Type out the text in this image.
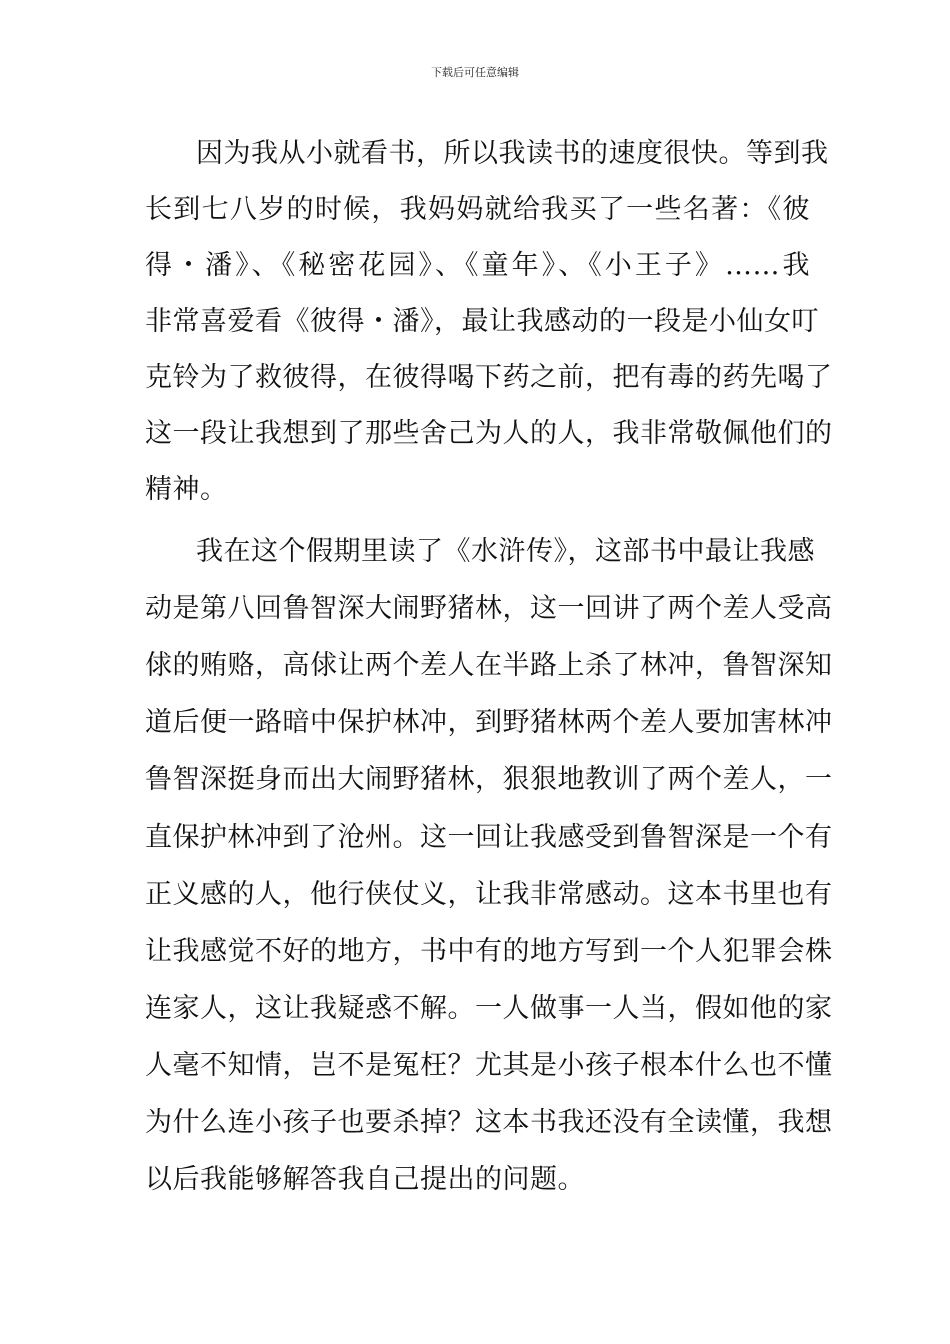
下载后可任意编辑
因为我从小就看书，所以我读书的速度很快。等到我
长到七八岁的时候，我妈妈就给我买了一些名著：《彼
得・潘》、《秘密花园》、《童年》、《小王子》……我
非常喜爱看《彼得・潘》，最让我感动的一段是小仙女叮
克铃为了救彼得，在彼得喝下药之前，把有毒的药先喝了
这一段让我想到了那些舍己为人的人，我非常敬佩他们的
精神。
我在这个假期里读了《水浒传》，这部书中最让我感
动是第八回鲁智深大闹野猪林，这一回讲了两个差人受高
俅的贿赂，高俅让两个差人在半路上杀了林冲，鲁智深知
道后便一路暗中保护林冲，到野猪林两个差人要加害林冲
鲁智深挺身而出大闹野猪林，狠狠地教训了两个差人，一
直保护林冲到了沧州。这一回让我感受到鲁智深是一个有
正义感的人，他行侠仗义，让我非常感动。这本书里也有
让我感觉不好的地方，书中有的地方写到一个人犯罪会株
连家人，这让我疑惑不解。一人做事一人当，假如他的家
人毫不知情，岂不是冤枉？尤其是小孩子根本什么也不懂
为什么连小孩子也要杀掉？这本书我还没有全读懂，我想
以后我能够解答我自己提出的问题。
